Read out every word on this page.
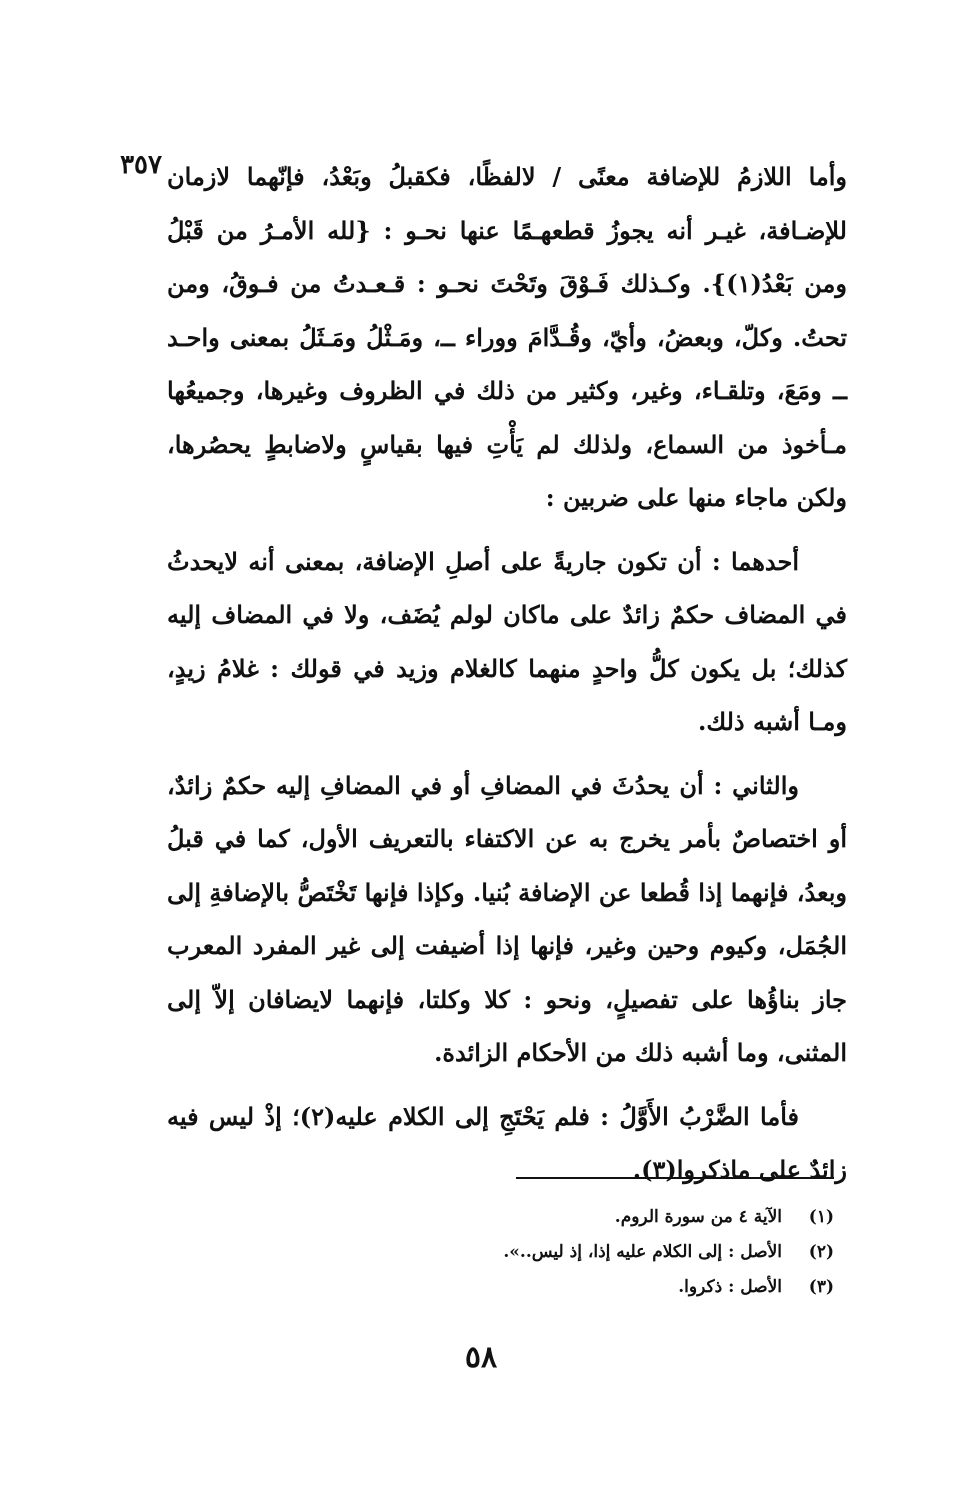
٣٥٧ وأما اللازمُ للإضافة معنًى / لالفظًا، فكقبلُ وبَعْدُ، فإنّهما لازمان للإضـافة، غيـر أنه يجوزُ قطعهـمًا عنها نحـو : {لله الأمـرُ من قَبْلُ ومن بَعْدُ(١)}. وكـذلك فَـوْقَ وتَحْتَ نحـو : قـعـدتُ من فـوقُ، ومن تحتُ. وكلّ، وبعضُ، وأيّ، وقُـدَّامَ ووراء ــ، ومَـثْلُ ومَـثَلُ بمعنى واحـد ــ ومَعَ، وتلقـاء، وغير، وكثير من ذلك في الظروف وغيرها، وجميعُها مـأخوذ من السماع، ولذلك لم يَأْتِ فيها بقياسٍ ولاضابطٍ يحصُرها، ولكن ماجاء منها على ضربين :

أحدهما : أن تكون جاريةً على أصلِ الإضافة، بمعنى أنه لايحدثُ في المضاف حكمٌ زائدٌ على ماكان لولم يُضَف، ولا في المضاف إليه كذلك؛ بل يكون كلُّ واحدٍ منهما كالغلام وزيد في قولك : غلامُ زيدٍ، ومـا أشبه ذلك.

والثاني : أن يحدُثَ في المضافِ أو في المضافِ إليه حكمٌ زائدٌ، أو اختصاصٌ بأمر يخرج به عن الاكتفاء بالتعريف الأول، كما في قبلُ وبعدُ، فإنهما إذا قُطعا عن الإضافة بُنيا. وكإذا فإنها تَخْتَصُّ بالإضافةِ إلى الجُمَل، وكيوم وحين وغير، فإنها إذا أضيفت إلى غير المفرد المعرب جاز بناؤُها على تفصيلٍ، ونحو : كلا وكلتا، فإنهما لايضافان إلاّ إلى المثنى، وما أشبه ذلك من الأحكام الزائدة.

فأما الضَّرْبُ الأَوَّلُ : فلم يَحْتَجِ إلى الكلام عليه(٢)؛ إذْ ليس فيه زائدٌ على ماذكروا(٣).

(١)
الآية ٤ من سورة الروم.
(٢)
الأصل : إلى الكلام عليه إذا، إذ ليس..».
(٣)
الأصل : ذكروا.
٥٨
